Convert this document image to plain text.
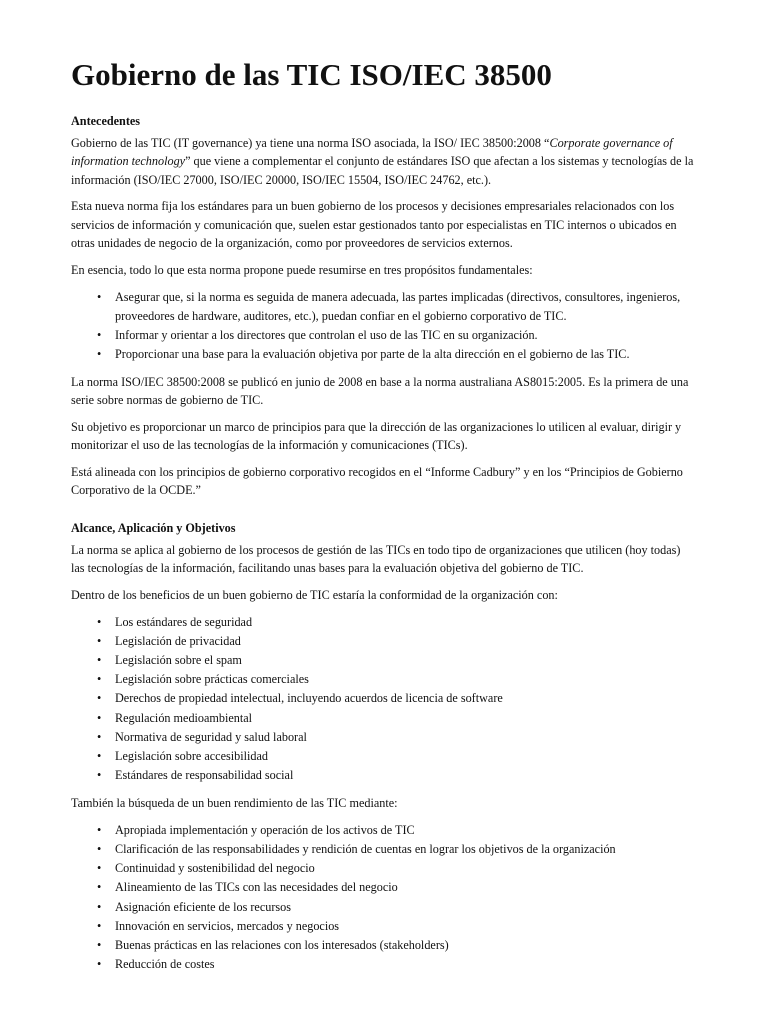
Gobierno de las TIC ISO/IEC 38500
Antecedentes

Gobierno de las TIC (IT governance) ya tiene una norma ISO asociada, la ISO/ IEC 38500:2008 “Corporate governance of information technology” que viene a complementar el conjunto de estándares ISO que afectan a los sistemas y tecnologías de la información (ISO/IEC 27000, ISO/IEC 20000, ISO/IEC 15504, ISO/IEC 24762, etc.).

Esta nueva norma fija los estándares para un buen gobierno de los procesos y decisiones empresariales relacionados con los servicios de información y comunicación que, suelen estar gestionados tanto por especialistas en TIC internos o ubicados en otras unidades de negocio de la organización, como por proveedores de servicios externos.

En esencia, todo lo que esta norma propone puede resumirse en tres propósitos fundamentales:

• Asegurar que, si la norma es seguida de manera adecuada, las partes implicadas (directivos, consultores, ingenieros, proveedores de hardware, auditores, etc.), puedan confiar en el gobierno corporativo de TIC.
• Informar y orientar a los directores que controlan el uso de las TIC en su organización.
• Proporcionar una base para la evaluación objetiva por parte de la alta dirección en el gobierno de las TIC.

La norma ISO/IEC 38500:2008 se publicó en junio de 2008 en base a la norma australiana AS8015:2005. Es la primera de una serie sobre normas de gobierno de TIC.

Su objetivo es proporcionar un marco de principios para que la dirección de las organizaciones lo utilicen al evaluar, dirigir y monitorizar el uso de las tecnologías de la información y comunicaciones (TICs).

Está alineada con los principios de gobierno corporativo recogidos en el “Informe Cadbury” y en los “Principios de Gobierno Corporativo de la OCDE.”

Alcance, Aplicación y Objetivos

La norma se aplica al gobierno de los procesos de gestión de las TICs en todo tipo de organizaciones que utilicen (hoy todas) las tecnologías de la información, facilitando unas bases para la evaluación objetiva del gobierno de TIC.

Dentro de los beneficios de un buen gobierno de TIC estaría la conformidad de la organización con:

• Los estándares de seguridad
• Legislación de privacidad
• Legislación sobre el spam
• Legislación sobre prácticas comerciales
• Derechos de propiedad intelectual, incluyendo acuerdos de licencia de software
• Regulación medioambiental
• Normativa de seguridad y salud laboral
• Legislación sobre accesibilidad
• Estándares de responsabilidad social

También la búsqueda de un buen rendimiento de las TIC mediante:

• Apropiada implementación y operación de los activos de TIC
• Clarificación de las responsabilidades y rendición de cuentas en lograr los objetivos de la organización
• Continuidad y sostenibilidad del negocio
• Alineamiento de las TICs con las necesidades del negocio
• Asignación eficiente de los recursos
• Innovación en servicios, mercados y negocios
• Buenas prácticas en las relaciones con los interesados (stakeholders)
• Reducción de costes
